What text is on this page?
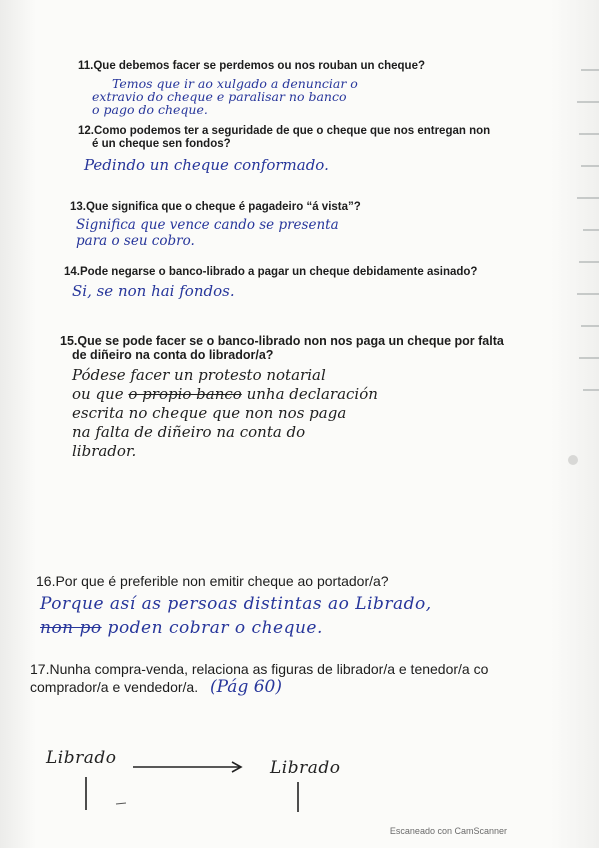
11.Que debemos facer se perdemos ou nos rouban un cheque?
Temos que ir ao xulgado a denunciar o
extravio do cheque e paralisar no banco
o pago do cheque.
12.Como podemos ter a seguridade de que o cheque que nos entregan non
é un cheque sen fondos?
Pedindo un cheque conformado.
13.Que significa que o cheque é pagadeiro “á vista”?
Significa que vence cando se presenta
para o seu cobro.
14.Pode negarse o banco-librado a pagar un cheque debidamente asinado?
Si, se non hai fondos.
15.Que se pode facer se o banco-librado non nos paga un cheque por falta
de diñeiro na conta do librador/a?
Pódese facer un protesto notarial
ou que o propio banco unha declaración
escrita no cheque que non nos paga
na falta de diñeiro na conta do
librador.
16.Por que é preferible non emitir cheque ao portador/a?
Porque así as persoas distintas ao Librado,
non po poden cobrar o cheque.
17.Nunha compra-venda, relaciona as figuras de librador/a e tenedor/a co
comprador/a e vendedor/a. (Pág 60)
Librado	Librado
Escaneado con CamScanner
